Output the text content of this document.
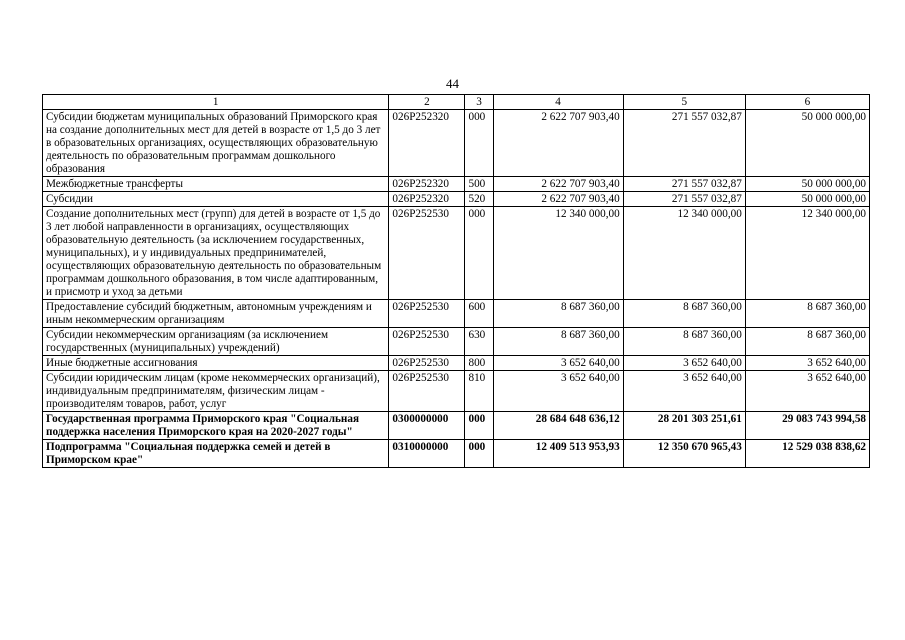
44
1	2	3	4	5	6
Субсидии бюджетам муниципальных образований Приморского края на создание дополнительных мест для детей в возрасте от 1,5 до 3 лет в образовательных организациях, осуществляющих образовательную деятельность по образовательным программам дошкольного образования	026Р252320	000	2 622 707 903,40	271 557 032,87	50 000 000,00
Межбюджетные трансферты	026Р252320	500	2 622 707 903,40	271 557 032,87	50 000 000,00
Субсидии	026Р252320	520	2 622 707 903,40	271 557 032,87	50 000 000,00
Создание дополнительных мест (групп) для детей в возрасте от 1,5 до 3 лет любой направленности в организациях, осуществляющих образовательную деятельность (за исключением государственных, муниципальных), и у индивидуальных предпринимателей, осуществляющих образовательную деятельность по образовательным программам дошкольного образования, в том числе адаптированным, и присмотр и уход за детьми	026Р252530	000	12 340 000,00	12 340 000,00	12 340 000,00
Предоставление субсидий бюджетным, автономным учреждениям и иным некоммерческим организациям	026Р252530	600	8 687 360,00	8 687 360,00	8 687 360,00
Субсидии некоммерческим организациям (за исключением государственных (муниципальных) учреждений)	026Р252530	630	8 687 360,00	8 687 360,00	8 687 360,00
Иные бюджетные ассигнования	026Р252530	800	3 652 640,00	3 652 640,00	3 652 640,00
Субсидии юридическим лицам (кроме некоммерческих организаций), индивидуальным предпринимателям, физическим лицам - производителям товаров, работ, услуг	026Р252530	810	3 652 640,00	3 652 640,00	3 652 640,00
Государственная программа Приморского края "Социальная поддержка населения Приморского края на 2020-2027 годы"	0300000000	000	28 684 648 636,12	28 201 303 251,61	29 083 743 994,58
Подпрограмма "Социальная поддержка семей и детей в Приморском крае"	0310000000	000	12 409 513 953,93	12 350 670 965,43	12 529 038 838,62
